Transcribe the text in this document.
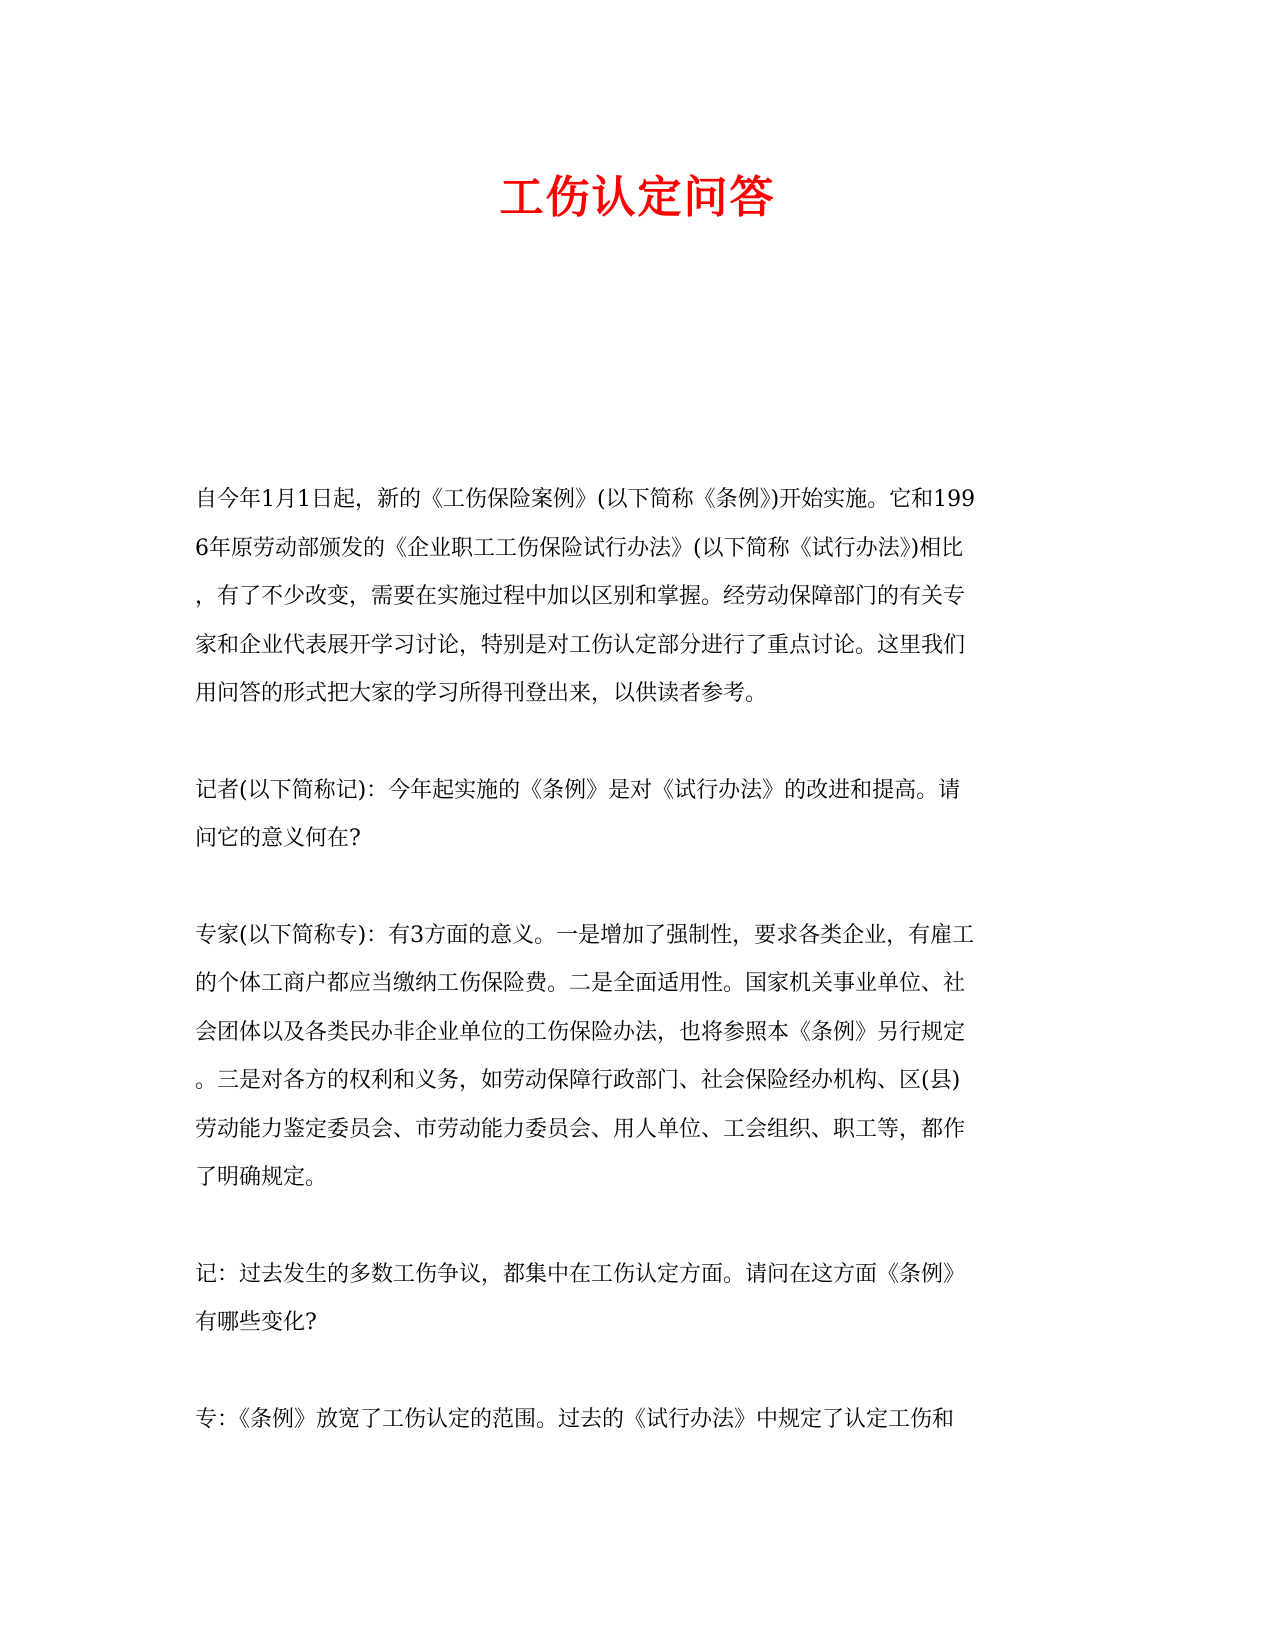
工伤认定问答

自今年1月1日起，新的《工伤保险案例》(以下简称《条例》)开始实施。它和199
6年原劳动部颁发的《企业职工工伤保险试行办法》(以下简称《试行办法》)相比
，有了不少改变，需要在实施过程中加以区别和掌握。经劳动保障部门的有关专
家和企业代表展开学习讨论，特别是对工伤认定部分进行了重点讨论。这里我们
用问答的形式把大家的学习所得刊登出来，以供读者参考。

记者(以下简称记)：今年起实施的《条例》是对《试行办法》的改进和提高。请
问它的意义何在?

专家(以下简称专)：有3方面的意义。一是增加了强制性，要求各类企业，有雇工
的个体工商户都应当缴纳工伤保险费。二是全面适用性。国家机关事业单位、社
会团体以及各类民办非企业单位的工伤保险办法，也将参照本《条例》另行规定
。三是对各方的权利和义务，如劳动保障行政部门、社会保险经办机构、区(县)
劳动能力鉴定委员会、市劳动能力委员会、用人单位、工会组织、职工等，都作
了明确规定。

记：过去发生的多数工伤争议，都集中在工伤认定方面。请问在这方面《条例》
有哪些变化?

专：《条例》放宽了工伤认定的范围。过去的《试行办法》中规定了认定工伤和
